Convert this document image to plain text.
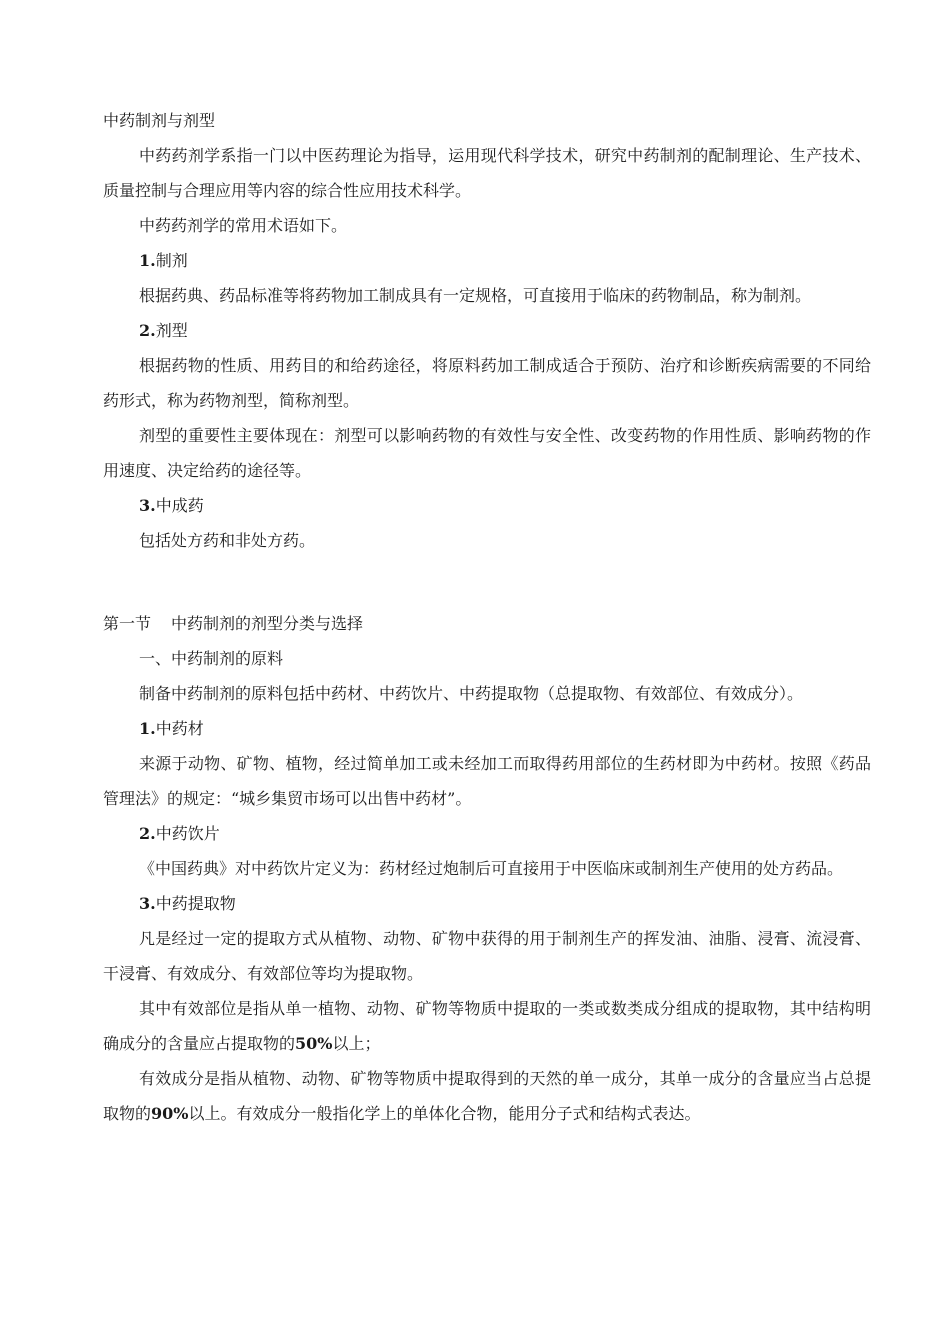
中药制剂与剂型

中药药剂学系指一门以中医药理论为指导，运用现代科学技术，研究中药制剂的配制理论、生产技术、质量控制与合理应用等内容的综合性应用技术科学。

中药药剂学的常用术语如下。

1.制剂

根据药典、药品标准等将药物加工制成具有一定规格，可直接用于临床的药物制品，称为制剂。

2.剂型

根据药物的性质、用药目的和给药途径，将原料药加工制成适合于预防、治疗和诊断疾病需要的不同给药形式，称为药物剂型，简称剂型。

剂型的重要性主要体现在：剂型可以影响药物的有效性与安全性、改变药物的作用性质、影响药物的作用速度、决定给药的途径等。

3.中成药

包括处方药和非处方药。

第一节 中药制剂的剂型分类与选择

一、中药制剂的原料

制备中药制剂的原料包括中药材、中药饮片、中药提取物（总提取物、有效部位、有效成分）。

1.中药材

来源于动物、矿物、植物，经过简单加工或未经加工而取得药用部位的生药材即为中药材。按照《药品管理法》的规定：“城乡集贸市场可以出售中药材”。

2.中药饮片

《中国药典》对中药饮片定义为：药材经过炮制后可直接用于中医临床或制剂生产使用的处方药品。

3.中药提取物

凡是经过一定的提取方式从植物、动物、矿物中获得的用于制剂生产的挥发油、油脂、浸膏、流浸膏、干浸膏、有效成分、有效部位等均为提取物。

其中有效部位是指从单一植物、动物、矿物等物质中提取的一类或数类成分组成的提取物，其中结构明确成分的含量应占提取物的50%以上；

有效成分是指从植物、动物、矿物等物质中提取得到的天然的单一成分，其单一成分的含量应当占总提取物的90%以上。有效成分一般指化学上的单体化合物，能用分子式和结构式表达。
